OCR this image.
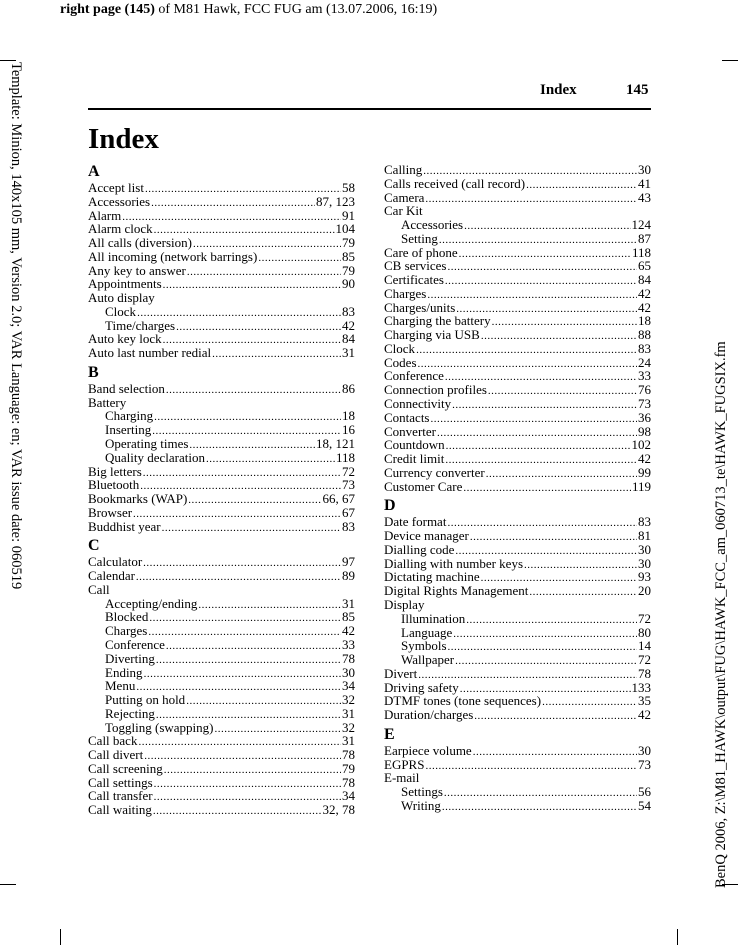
right page (145) of M81 Hawk, FCC FUG am (13.07.2006, 16:19)
Template: Minion, 140x105 mm, Version 2.0; VAR Language: en; VAR issue date: 060519
BenQ 2006, Z:\M81_HAWK\output\FUG\HAWK_FCC_am_060713_te\HAWK_FUGSIX.fm
Index	145
Index
A
Accept list .....	58
Accessories .....	87, 123
Alarm .....	91
Alarm clock .....	104
All calls (diversion) .....	79
All incoming (network barrings) .....	85
Any key to answer .....	79
Appointments .....	90
Auto display
Clock .....	83
Time/charges .....	42
Auto key lock .....	84
Auto last number redial .....	31
B
Band selection .....	86
Battery
Charging .....	18
Inserting .....	16
Operating times .....	18, 121
Quality declaration .....	118
Big letters .....	72
Bluetooth .....	73
Bookmarks (WAP) .....	66, 67
Browser .....	67
Buddhist year .....	83
C
Calculator .....	97
Calendar .....	89
Call
Accepting/ending .....	31
Blocked .....	85
Charges .....	42
Conference .....	33
Diverting .....	78
Ending .....	30
Menu .....	34
Putting on hold .....	32
Rejecting .....	31
Toggling (swapping) .....	32
Call back .....	31
Call divert .....	78
Call screening .....	79
Call settings .....	78
Call transfer .....	34
Call waiting .....	32, 78
Calling .....	30
Calls received (call record) .....	41
Camera .....	43
Car Kit
Accessories .....	124
Setting .....	87
Care of phone .....	118
CB services .....	65
Certificates .....	84
Charges .....	42
Charges/units .....	42
Charging the battery .....	18
Charging via USB .....	88
Clock .....	83
Codes .....	24
Conference .....	33
Connection profiles .....	76
Connectivity .....	73
Contacts .....	36
Converter .....	98
Countdown .....	102
Credit limit .....	42
Currency converter .....	99
Customer Care .....	119
D
Date format .....	83
Device manager .....	81
Dialling code .....	30
Dialling with number keys .....	30
Dictating machine .....	93
Digital Rights Management .....	20
Display
Illumination .....	72
Language .....	80
Symbols .....	14
Wallpaper .....	72
Divert .....	78
Driving safety .....	133
DTMF tones (tone sequences) .....	35
Duration/charges .....	42
E
Earpiece volume .....	30
EGPRS .....	73
E-mail
Settings .....	56
Writing .....	54
